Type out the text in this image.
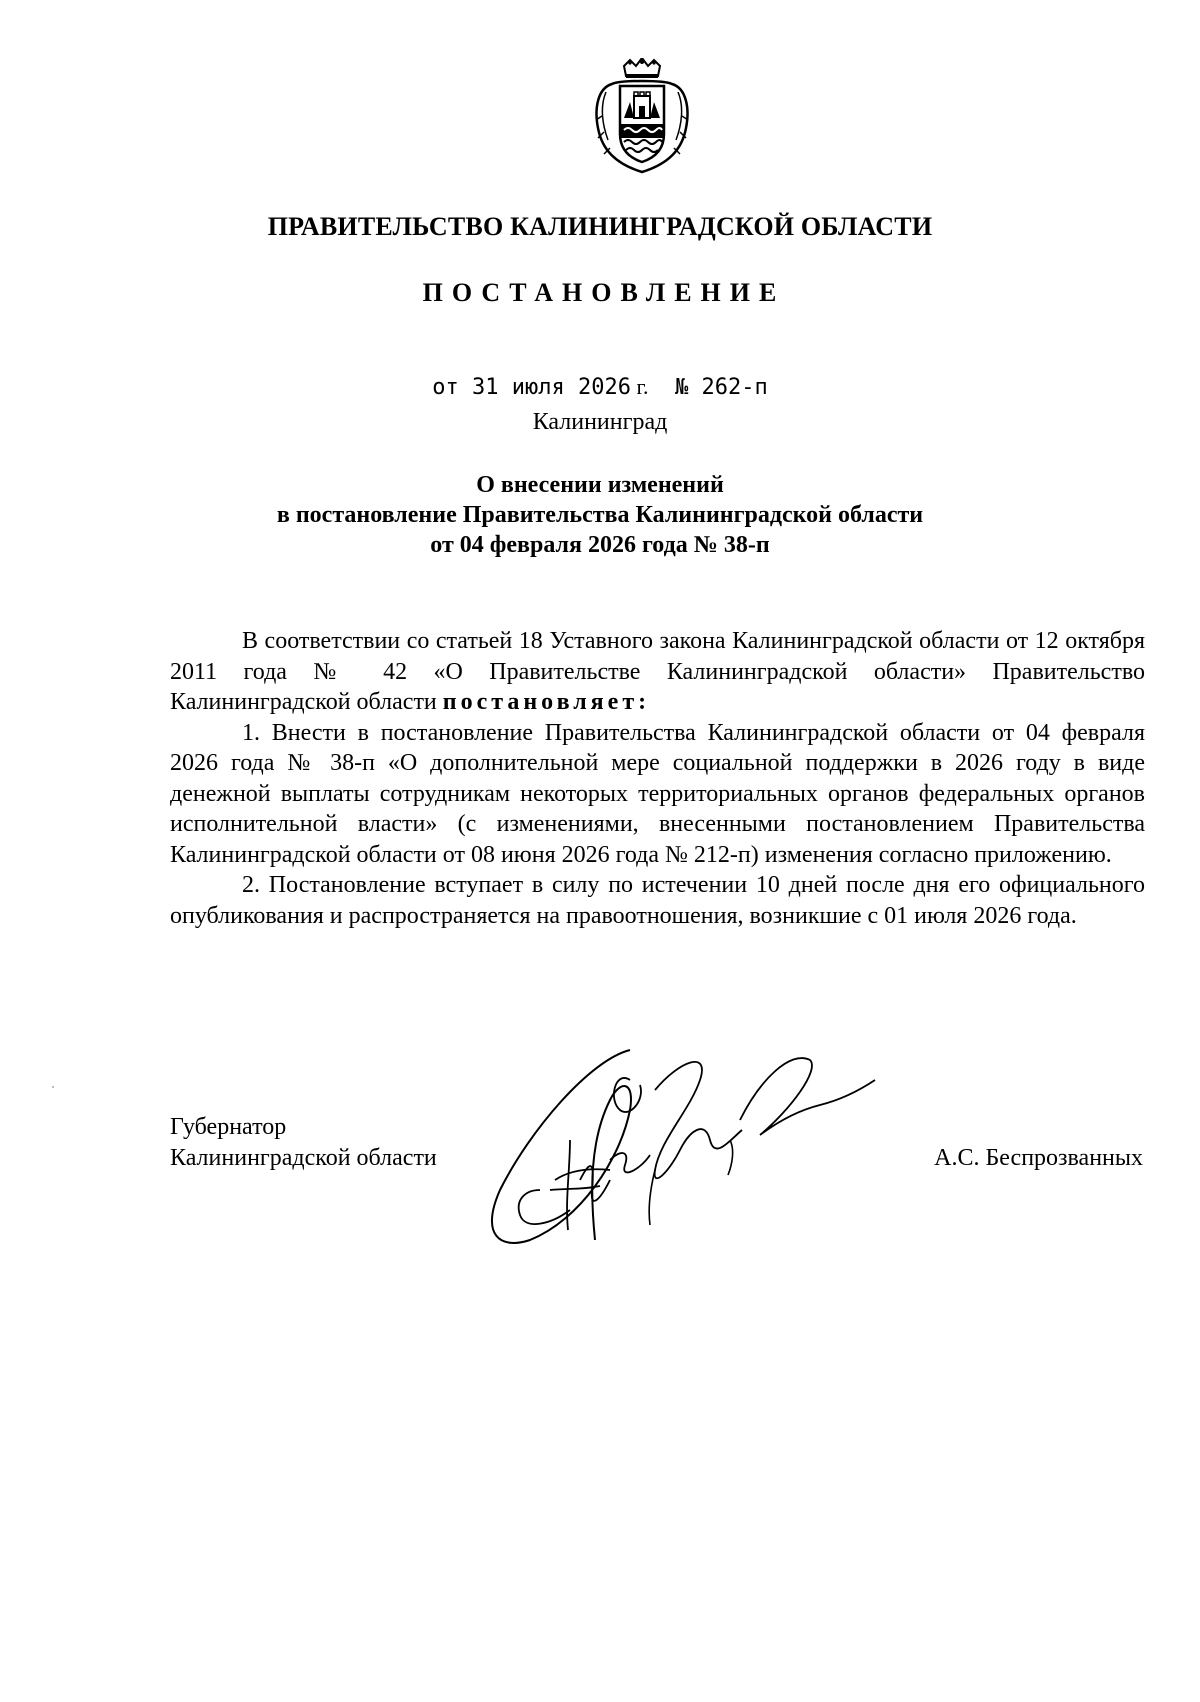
ПРАВИТЕЛЬСТВО КАЛИНИНГРАДСКОЙ ОБЛАСТИ
ПОСТАНОВЛЕНИЕ
от 31 июля 2026 г. № 262-п
Калининград
О внесении изменений
в постановление Правительства Калининградской области
от 04 февраля 2026 года № 38-п

В соответствии со статьей 18 Уставного закона Калининградской области от 12 октября 2011 года № 42 «О Правительстве Калининградской области» Правительство Калининградской области постановляет:

1. Внести в постановление Правительства Калининградской области от 04 февраля 2026 года № 38-п «О дополнительной мере социальной поддержки в 2026 году в виде денежной выплаты сотрудникам некоторых территориальных органов федеральных органов исполнительной власти» (с изменениями, внесенными постановлением Правительства Калининградской области от 08 июня 2026 года № 212-п) изменения согласно приложению.

2. Постановление вступает в силу по истечении 10 дней после дня его официального опубликования и распространяется на правоотношения, возникшие с 01 июля 2026 года.

Губернатор
Калининградской области	А.С. Беспрозванных
